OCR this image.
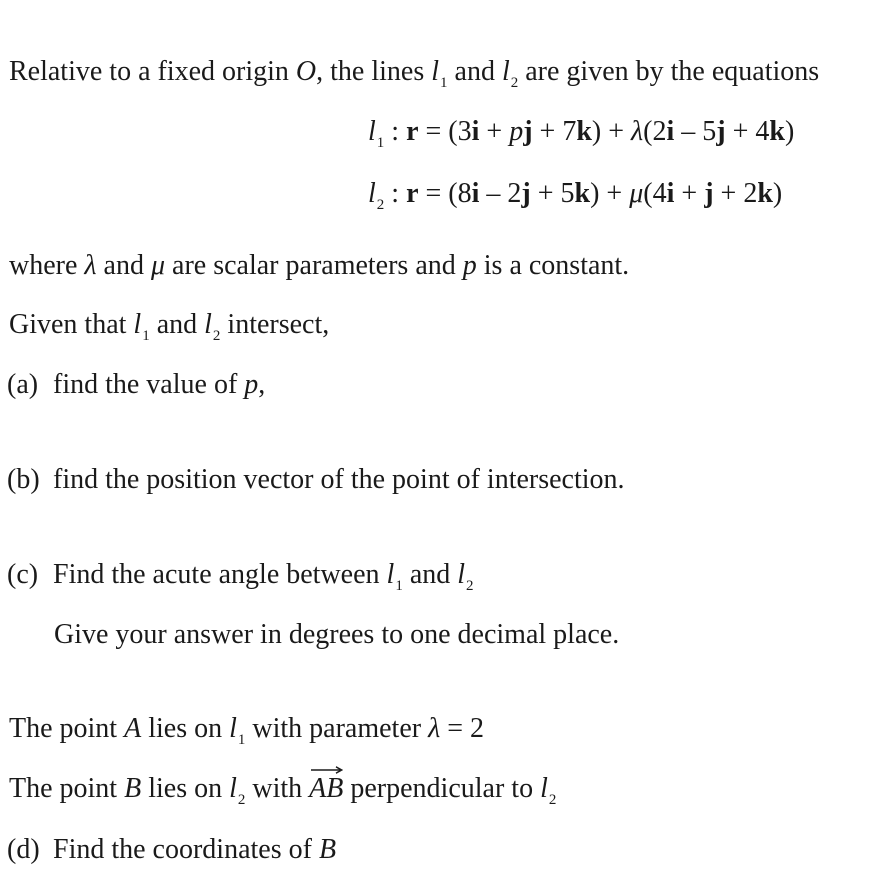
Relative to a fixed origin O, the lines $l_1$ and $l_2$ are given by the equations
$l_1$ : r = (3i + pj + 7k) + λ(2i – 5j + 4k)
$l_2$ : r = (8i – 2j + 5k) + μ(4i + j + 2k)
where λ and μ are scalar parameters and p is a constant.
Given that $l_1$ and $l_2$ intersect,
(a) find the value of p,
(b) find the position vector of the point of intersection.
(c) Find the acute angle between $l_1$ and $l_2$
Give your answer in degrees to one decimal place.
The point A lies on $l_1$ with parameter λ = 2
The point B lies on $l_2$ with
AB perpendicular to $l_2$
(d) Find the coordinates of B
